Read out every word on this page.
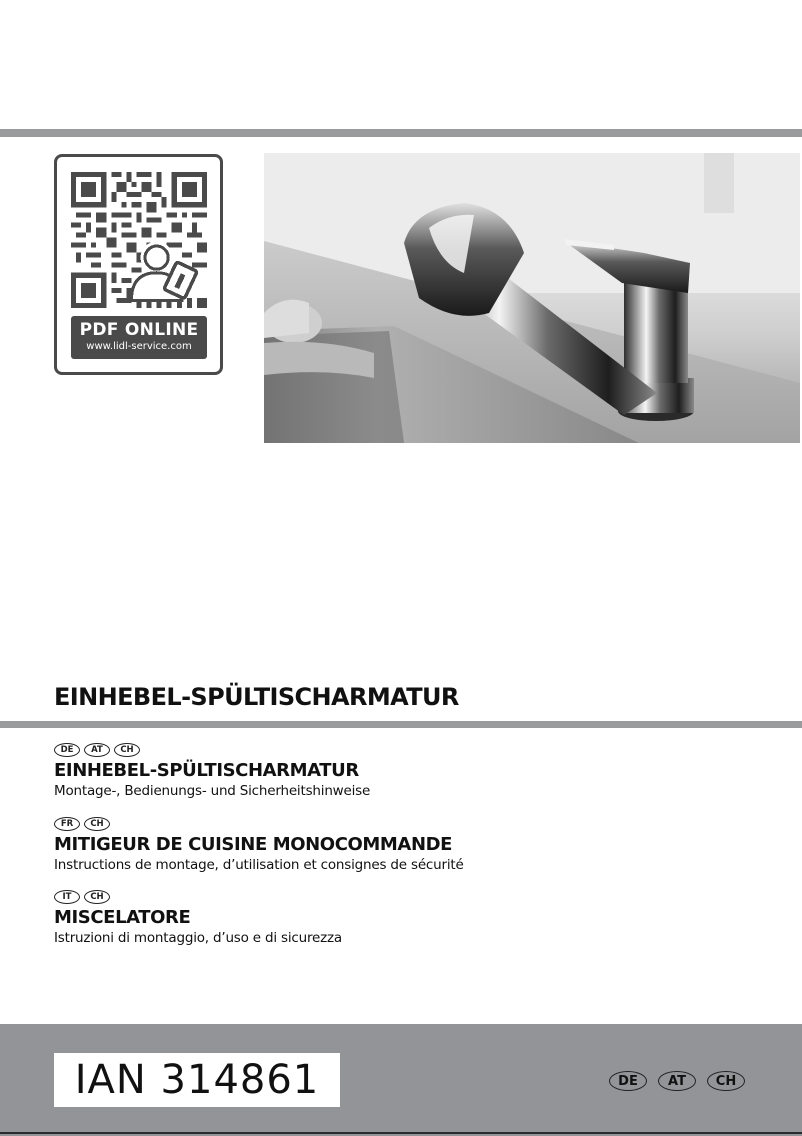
PDF ONLINE
www.lidl-service.com
EINHEBEL-SPÜLTISCHARMATUR
DE	AT	CH
EINHEBEL-SPÜLTISCHARMATUR
Montage-, Bedienungs- und Sicherheitshinweise
FR	CH
MITIGEUR DE CUISINE MONOCOMMANDE
Instructions de montage, d’utilisation et consignes de sécurité
IT	CH
MISCELATORE
Istruzioni di montaggio, d’uso e di sicurezza
IAN 314861	DE	AT	CH
